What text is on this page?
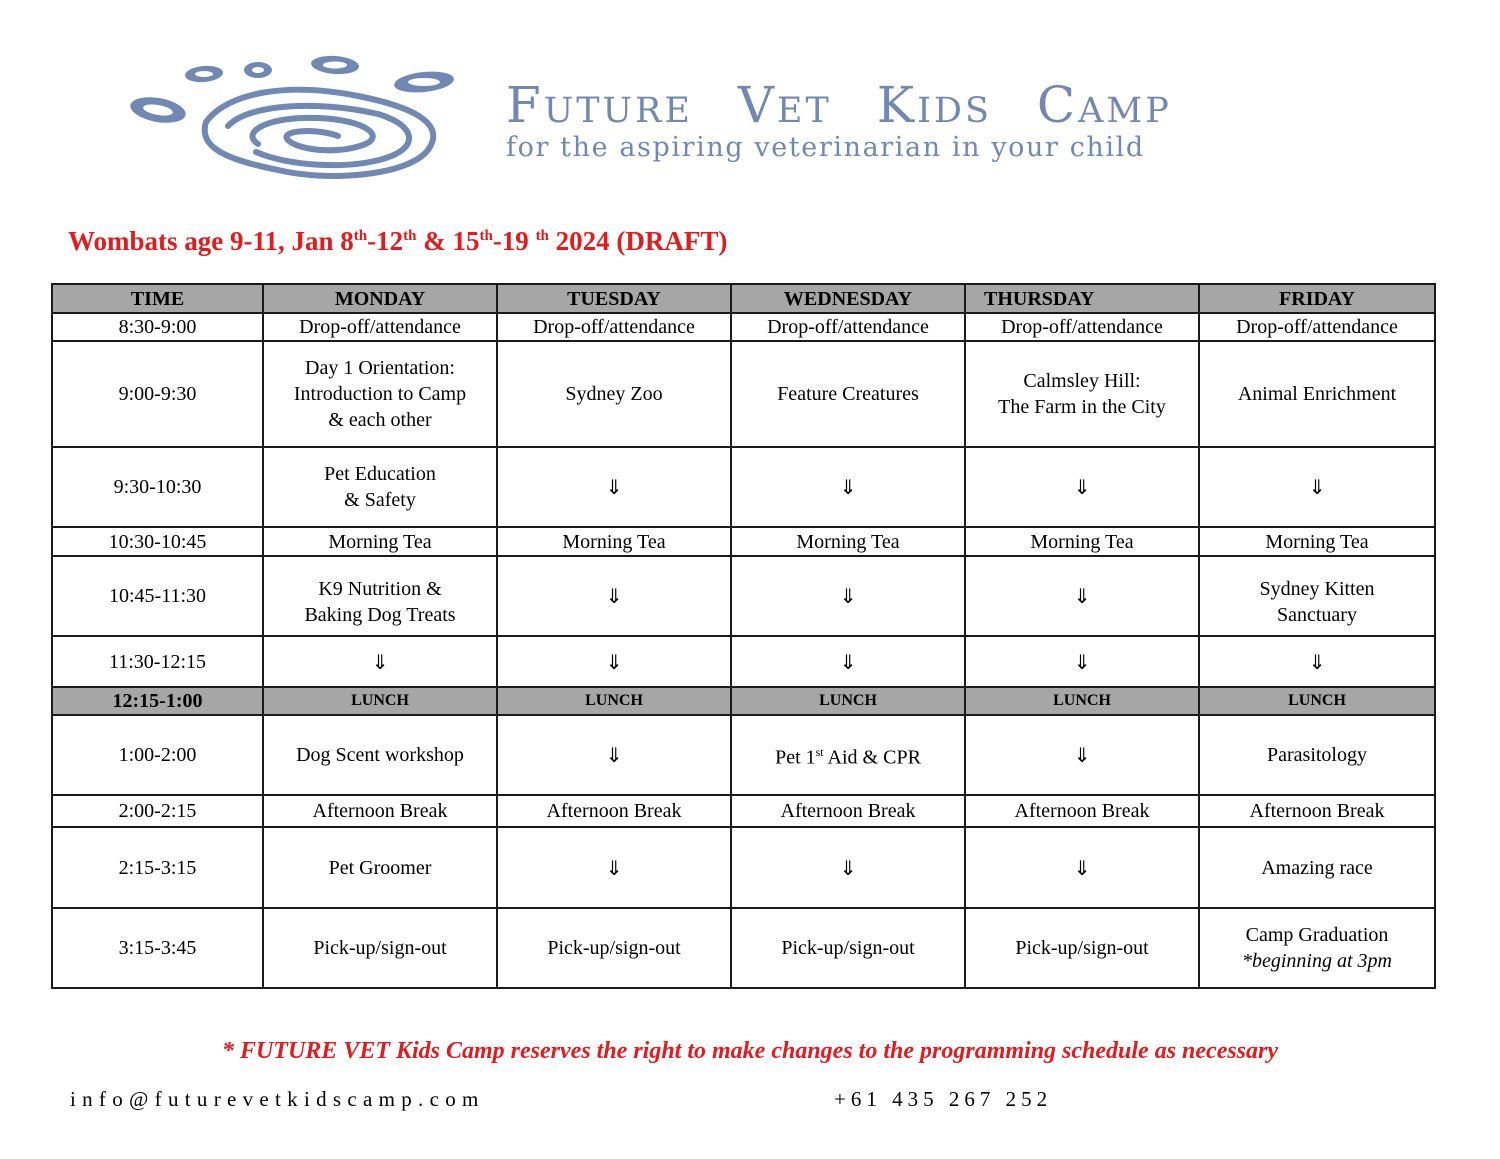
Future Vet Kids Camp
for the aspiring veterinarian in your child
Wombats age 9-11, Jan 8th-12th & 15th-19 $^{th}$ 2024 (DRAFT)
TIME	MONDAY	TUESDAY	WEDNESDAY	THURSDAY	FRIDAY
8:30-9:00	Drop-off/attendance	Drop-off/attendance	Drop-off/attendance	Drop-off/attendance	Drop-off/attendance
9:00-9:30	Day 1 Orientation:
Introduction to Camp
& each other	Sydney Zoo	Feature Creatures	Calmsley Hill:
The Farm in the City	Animal Enrichment
9:30-10:30	Pet Education
& Safety	⇓	⇓	⇓	⇓
10:30-10:45	Morning Tea	Morning Tea	Morning Tea	Morning Tea	Morning Tea
10:45-11:30	K9 Nutrition &
Baking Dog Treats	⇓	⇓	⇓	Sydney Kitten
Sanctuary

11:30-12:15	⇓	⇓	⇓	⇓	⇓
12:15-1:00	LUNCH	LUNCH	LUNCH	LUNCH	LUNCH
1:00-2:00	Dog Scent workshop	⇓	Pet 1st Aid & CPR	⇓	Parasitology
2:00-2:15	Afternoon Break	Afternoon Break	Afternoon Break	Afternoon Break	Afternoon Break
2:15-3:15	Pet Groomer	⇓	⇓	⇓	Amazing race
3:15-3:45	Pick-up/sign-out	Pick-up/sign-out	Pick-up/sign-out	Pick-up/sign-out	Camp Graduation
*beginning at 3pm

* FUTURE VET Kids Camp reserves the right to make changes to the programming schedule as necessary

info@futurevetkidscamp.com	+61 435 267 252
